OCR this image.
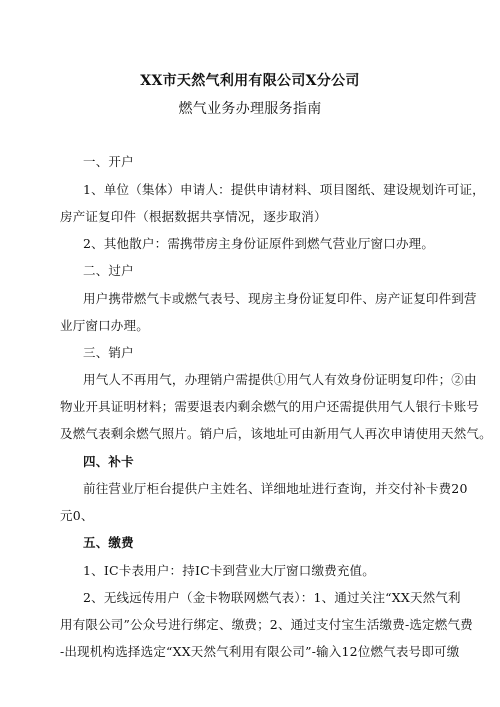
XX市天然气利用有限公司X分公司
燃气业务办理服务指南
一、开户
1、单位（集体）申请人：提供申请材料、项目图纸、建设规划许可证，
房产证复印件（根据数据共享情况，逐步取消）
2、其他散户：需携带房主身份证原件到燃气营业厅窗口办理。
二、过户
用户携带燃气卡或燃气表号、现房主身份证复印件、房产证复印件到营
业厅窗口办理。
三、销户
用气人不再用气，办理销户需提供①用气人有效身份证明复印件；②由
物业开具证明材料；需要退表内剩余燃气的用户还需提供用气人银行卡账号
及燃气表剩余燃气照片。销户后，该地址可由新用气人再次申请使用天然气。
四、补卡
前往营业厅柜台提供户主姓名、详细地址进行查询，并交付补卡费20
元0、
五、缴费
1、IC卡表用户：持IC卡到营业大厅窗口缴费充值。
2、无线远传用户（金卡物联网燃气表）：1、通过关注“XX天然气利
用有限公司”公众号进行绑定、缴费；2、通过支付宝生活缴费-选定燃气费
-出现机构选择选定“XX天然气利用有限公司”-输入12位燃气表号即可缴
